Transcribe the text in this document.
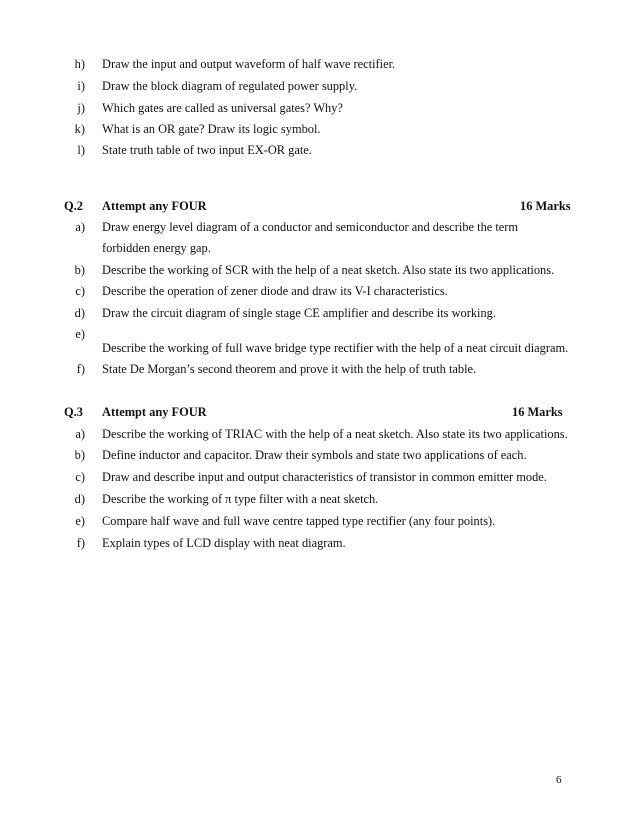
h) Draw the input and output waveform of half wave rectifier.
i) Draw the block diagram of regulated power supply.
j) Which gates are called as universal gates? Why?
k) What is an OR gate? Draw its logic symbol.
l) State truth table of two input EX-OR gate.
Q.2 Attempt any FOUR	16 Marks
a) Draw energy level diagram of a conductor and semiconductor and describe the term
forbidden energy gap.
b) Describe the working of SCR with the help of a neat sketch. Also state its two applications.
c) Describe the operation of zener diode and draw its V-I characteristics.
d) Draw the circuit diagram of single stage CE amplifier and describe its working.
e)
Describe the working of full wave bridge type rectifier with the help of a neat circuit diagram.
f) State De Morgan’s second theorem and prove it with the help of truth table.
Q.3 Attempt any FOUR	16 Marks
a) Describe the working of TRIAC with the help of a neat sketch. Also state its two applications.
b) Define inductor and capacitor. Draw their symbols and state two applications of each.
c) Draw and describe input and output characteristics of transistor in common emitter mode.
d) Describe the working of π type filter with a neat sketch.
e) Compare half wave and full wave centre tapped type rectifier (any four points).
f) Explain types of LCD display with neat diagram.
6
